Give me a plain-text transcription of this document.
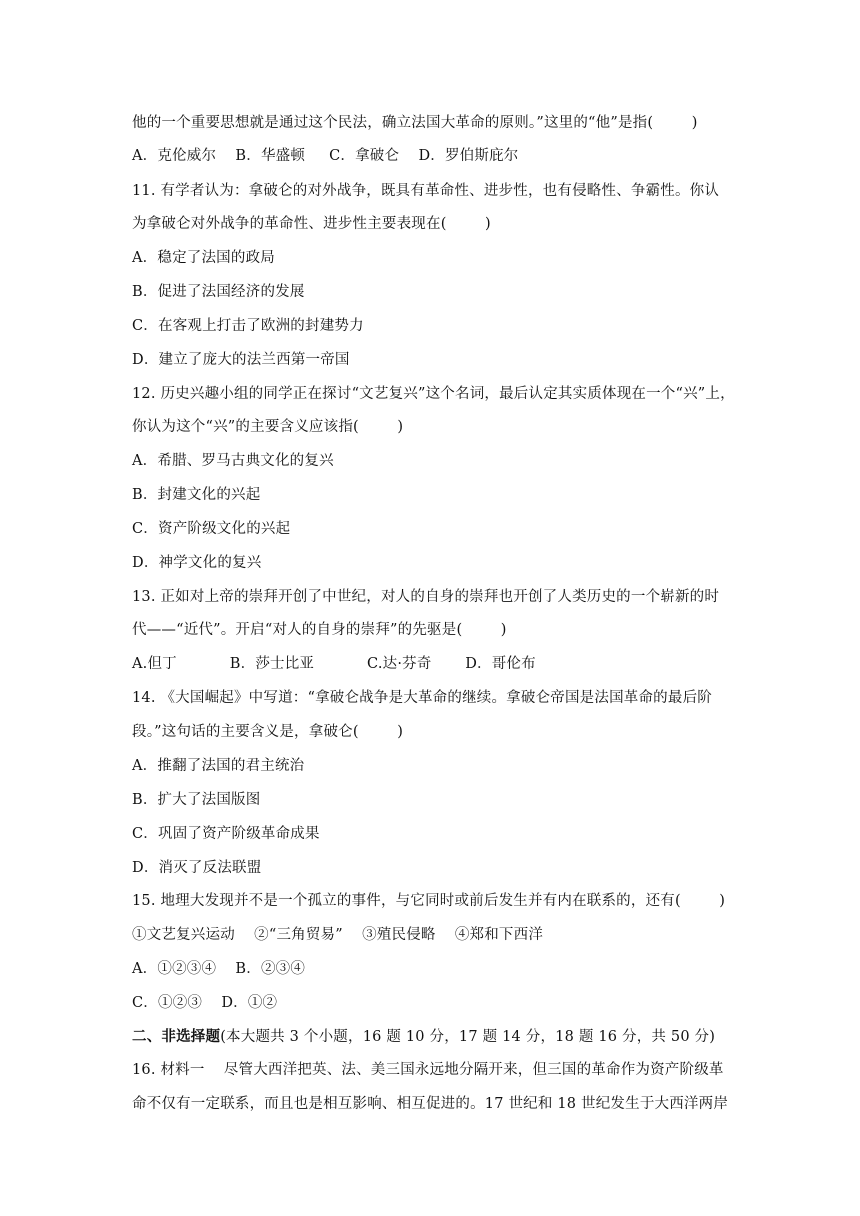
他的一个重要思想就是通过这个民法，确立法国大革命的原则。”这里的“他”是指(        )
A．克伦威尔    B．华盛顿     C．拿破仑    D．罗伯斯庇尔
11. 有学者认为：拿破仑的对外战争，既具有革命性、进步性，也有侵略性、争霸性。你认
为拿破仑对外战争的革命性、进步性主要表现在(        )
A．稳定了法国的政局
B．促进了法国经济的发展
C．在客观上打击了欧洲的封建势力
D．建立了庞大的法兰西第一帝国
12. 历史兴趣小组的同学正在探讨“文艺复兴”这个名词，最后认定其实质体现在一个“兴”上，
你认为这个“兴”的主要含义应该指(        )
A．希腊、罗马古典文化的复兴
B．封建文化的兴起
C．资产阶级文化的兴起
D．神学文化的复兴
13. 正如对上帝的崇拜开创了中世纪，对人的自身的崇拜也开创了人类历史的一个崭新的时
代——“近代”。开启“对人的自身的崇拜”的先驱是(        )
A.但丁           B．莎士比亚           C.达·芬奇       D．哥伦布
14. 《大国崛起》中写道：“拿破仑战争是大革命的继续。拿破仑帝国是法国革命的最后阶
段。”这句话的主要含义是，拿破仑(        )
A．推翻了法国的君主统治
B．扩大了法国版图
C．巩固了资产阶级革命成果
D．消灭了反法联盟
15. 地理大发现并不是一个孤立的事件，与它同时或前后发生并有内在联系的，还有(        )
①文艺复兴运动    ②“三角贸易”    ③殖民侵略    ④郑和下西洋
A．①②③④    B．②③④
C．①②③    D．①②
二、非选择题(本大题共 3 个小题，16 题 10 分，17 题 14 分，18 题 16 分，共 50 分)
16. 材料一    尽管大西洋把英、法、美三国永远地分隔开来，但三国的革命作为资产阶级革
命不仅有一定联系，而且也是相互影响、相互促进的。17 世纪和 18 世纪发生于大西洋两岸
